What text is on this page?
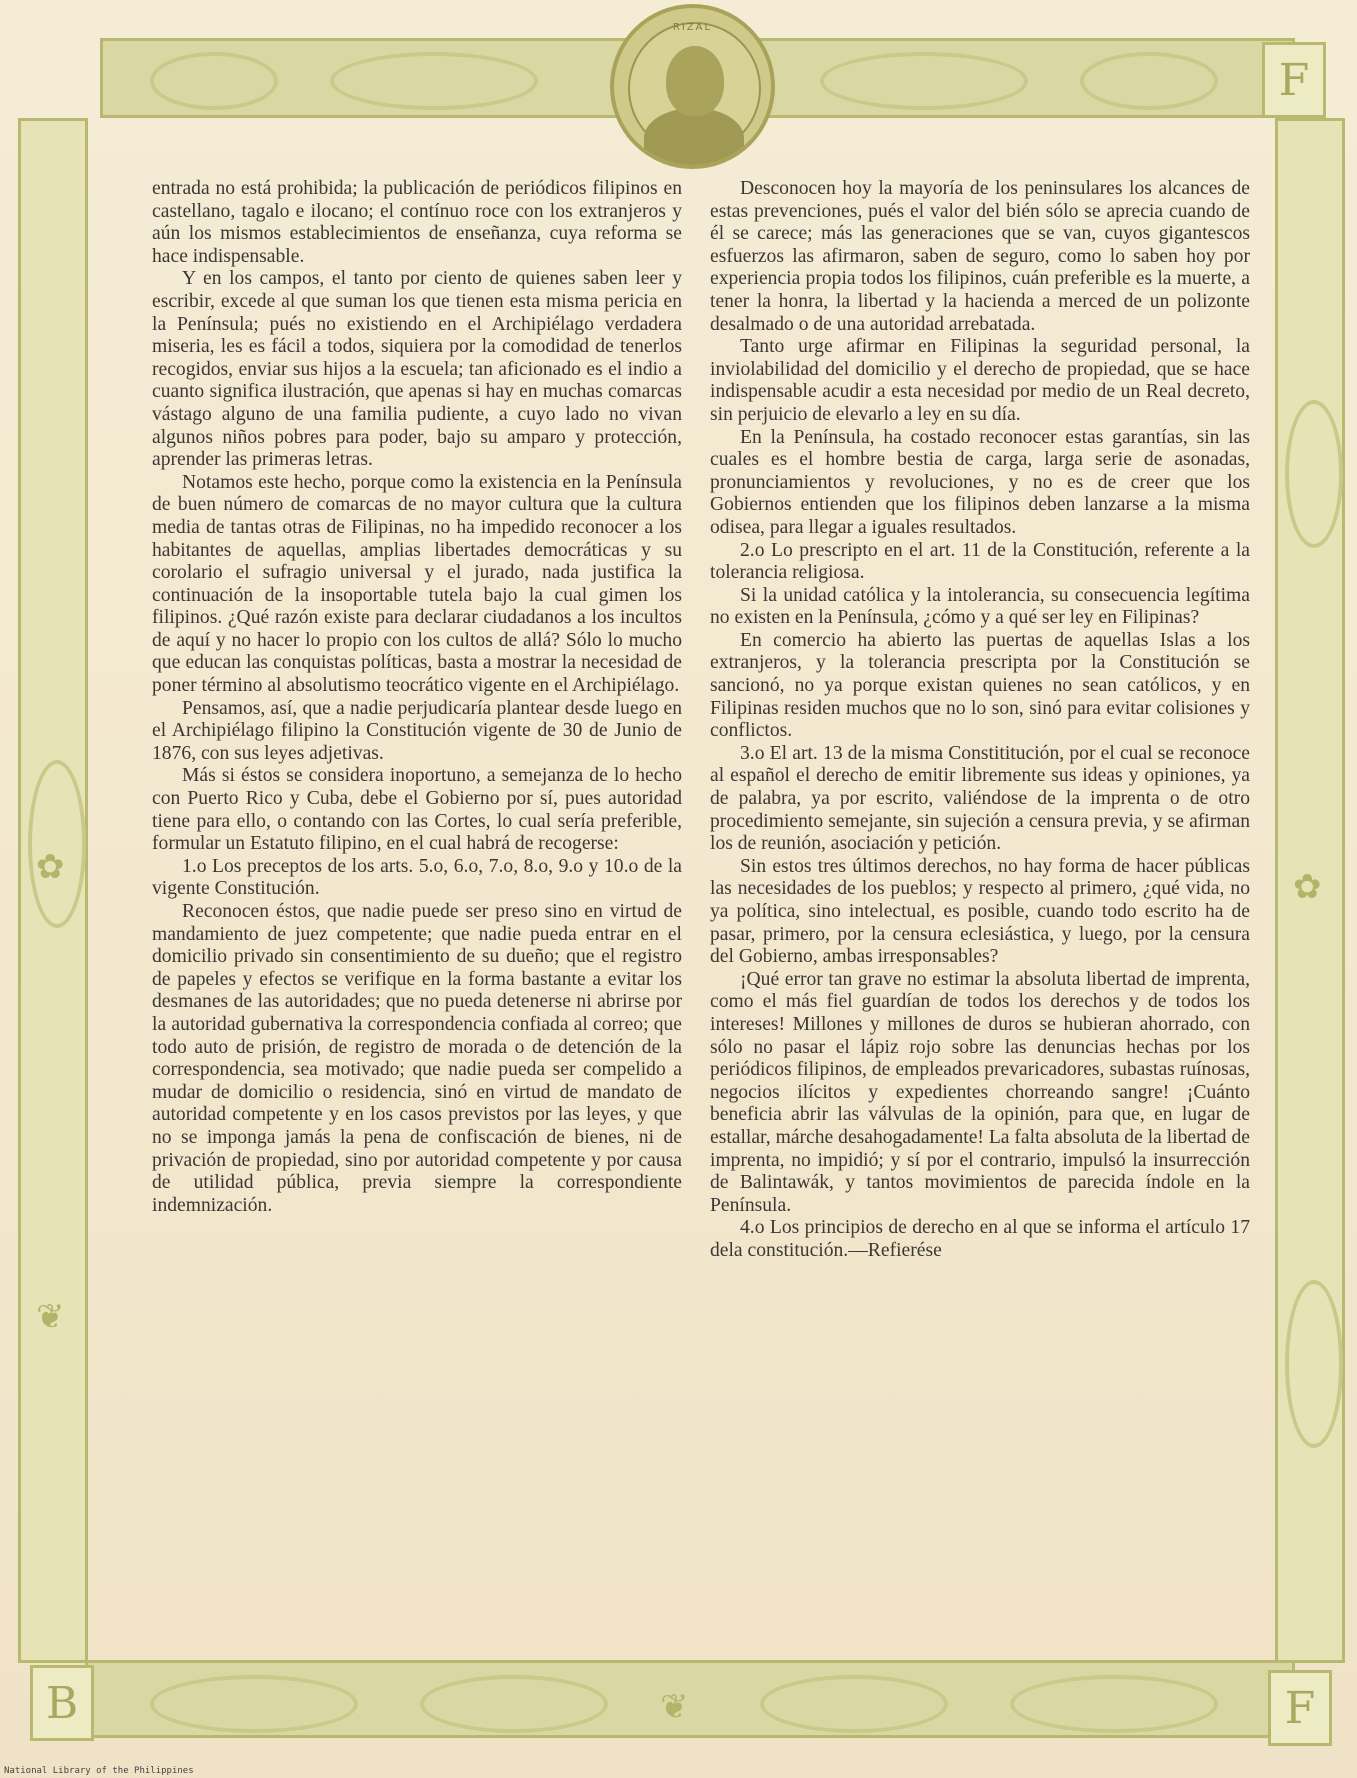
✿
❦
✿
❦
F
B	F
RIZAL

entrada no está prohibida; la publicación de periódicos filipinos en castellano, tagalo e ilocano; el contínuo roce con los extranjeros y aún los mismos establecimientos de enseñanza, cuya reforma se hace indispensable.

Y en los campos, el tanto por ciento de quienes saben leer y escribir, excede al que suman los que tienen esta misma pericia en la Península; pués no existiendo en el Archipiélago verdadera miseria, les es fácil a todos, siquiera por la comodidad de tenerlos recogidos, enviar sus hijos a la escuela; tan aficionado es el indio a cuanto significa ilustración, que apenas si hay en muchas comarcas vástago alguno de una familia pudiente, a cuyo lado no vivan algunos niños pobres para poder, bajo su amparo y protección, aprender las primeras letras.

Notamos este hecho, porque como la existencia en la Península de buen número de comarcas de no mayor cultura que la cultura media de tantas otras de Filipinas, no ha impedido reconocer a los habitantes de aquellas, amplias libertades democráticas y su corolario el sufragio universal y el jurado, nada justifica la continuación de la insoportable tutela bajo la cual gimen los filipinos. ¿Qué razón existe para declarar ciudadanos a los incultos de aquí y no hacer lo propio con los cultos de allá? Sólo lo mucho que educan las conquistas políticas, basta a mostrar la necesidad de poner término al absolutismo teocrático vigente en el Archipiélago.

Pensamos, así, que a nadie perjudicaría plantear desde luego en el Archipiélago filipino la Constitución vigente de 30 de Junio de 1876, con sus leyes adjetivas.

Más si éstos se considera inoportuno, a semejanza de lo hecho con Puerto Rico y Cuba, debe el Gobierno por sí, pues autoridad tiene para ello, o contando con las Cortes, lo cual sería preferible, formular un Estatuto filipino, en el cual habrá de recogerse:

1.o Los preceptos de los arts. 5.o, 6.o, 7.o, 8.o, 9.o y 10.o de la vigente Constitución.

Reconocen éstos, que nadie puede ser preso sino en virtud de mandamiento de juez competente; que nadie pueda entrar en el domicilio privado sin consentimiento de su dueño; que el registro de papeles y efectos se verifique en la forma bastante a evitar los desmanes de las autoridades; que no pueda detenerse ni abrirse por la autoridad gubernativa la correspondencia confiada al correo; que todo auto de prisión, de registro de morada o de detención de la correspondencia, sea motivado; que nadie pueda ser compelido a mudar de domicilio o residencia, sinó en virtud de mandato de autoridad competente y en los casos previstos por las leyes, y que no se imponga jamás la pena de confiscación de bienes, ni de privación de propiedad, sino por autoridad competente y por causa de utilidad pública, previa siempre la correspondiente indemnización.

Desconocen hoy la mayoría de los peninsulares los alcances de estas prevenciones, pués el valor del bién sólo se aprecia cuando de él se carece; más las generaciones que se van, cuyos gigantescos esfuerzos las afirmaron, saben de seguro, como lo saben hoy por experiencia propia todos los filipinos, cuán preferible es la muerte, a tener la honra, la libertad y la hacienda a merced de un polizonte desalmado o de una autoridad arrebatada.

Tanto urge afirmar en Filipinas la seguridad personal, la inviolabilidad del domicilio y el derecho de propiedad, que se hace indispensable acudir a esta necesidad por medio de un Real decreto, sin perjuicio de elevarlo a ley en su día.

En la Península, ha costado reconocer estas garantías, sin las cuales es el hombre bestia de carga, larga serie de asonadas, pronunciamientos y revoluciones, y no es de creer que los Gobiernos entienden que los filipinos deben lanzarse a la misma odisea, para llegar a iguales resultados.

2.o Lo prescripto en el art. 11 de la Constitución, referente a la tolerancia religiosa.

Si la unidad católica y la intolerancia, su consecuencia legítima no existen en la Península, ¿cómo y a qué ser ley en Filipinas?

En comercio ha abierto las puertas de aquellas Islas a los extranjeros, y la tolerancia prescripta por la Constitución se sancionó, no ya porque existan quienes no sean católicos, y en Filipinas residen muchos que no lo son, sinó para evitar colisiones y conflictos.

3.o El art. 13 de la misma Constititución, por el cual se reconoce al español el derecho de emitir libremente sus ideas y opiniones, ya de palabra, ya por escrito, valiéndose de la imprenta o de otro procedimiento semejante, sin sujeción a censura previa, y se afirman los de reunión, asociación y petición.

Sin estos tres últimos derechos, no hay forma de hacer públicas las necesidades de los pueblos; y respecto al primero, ¿qué vida, no ya política, sino intelectual, es posible, cuando todo escrito ha de pasar, primero, por la censura eclesiástica, y luego, por la censura del Gobierno, ambas irresponsables?

¡Qué error tan grave no estimar la absoluta libertad de imprenta, como el más fiel guardían de todos los derechos y de todos los intereses! Millones y millones de duros se hubieran ahorrado, con sólo no pasar el lápiz rojo sobre las denuncias hechas por los periódicos filipinos, de empleados prevaricadores, subastas ruínosas, negocios ilícitos y expedientes chorreando sangre! ¡Cuánto beneficia abrir las válvulas de la opinión, para que, en lugar de estallar, márche desahogadamente! La falta absoluta de la libertad de imprenta, no impidió; y sí por el contrario, impulsó la insurrección de Balintawák, y tantos movimientos de parecida índole en la Península.

4.o Los principios de derecho en al que se informa el artículo 17 dela constitución.—Refierése

National Library of the Philippines
